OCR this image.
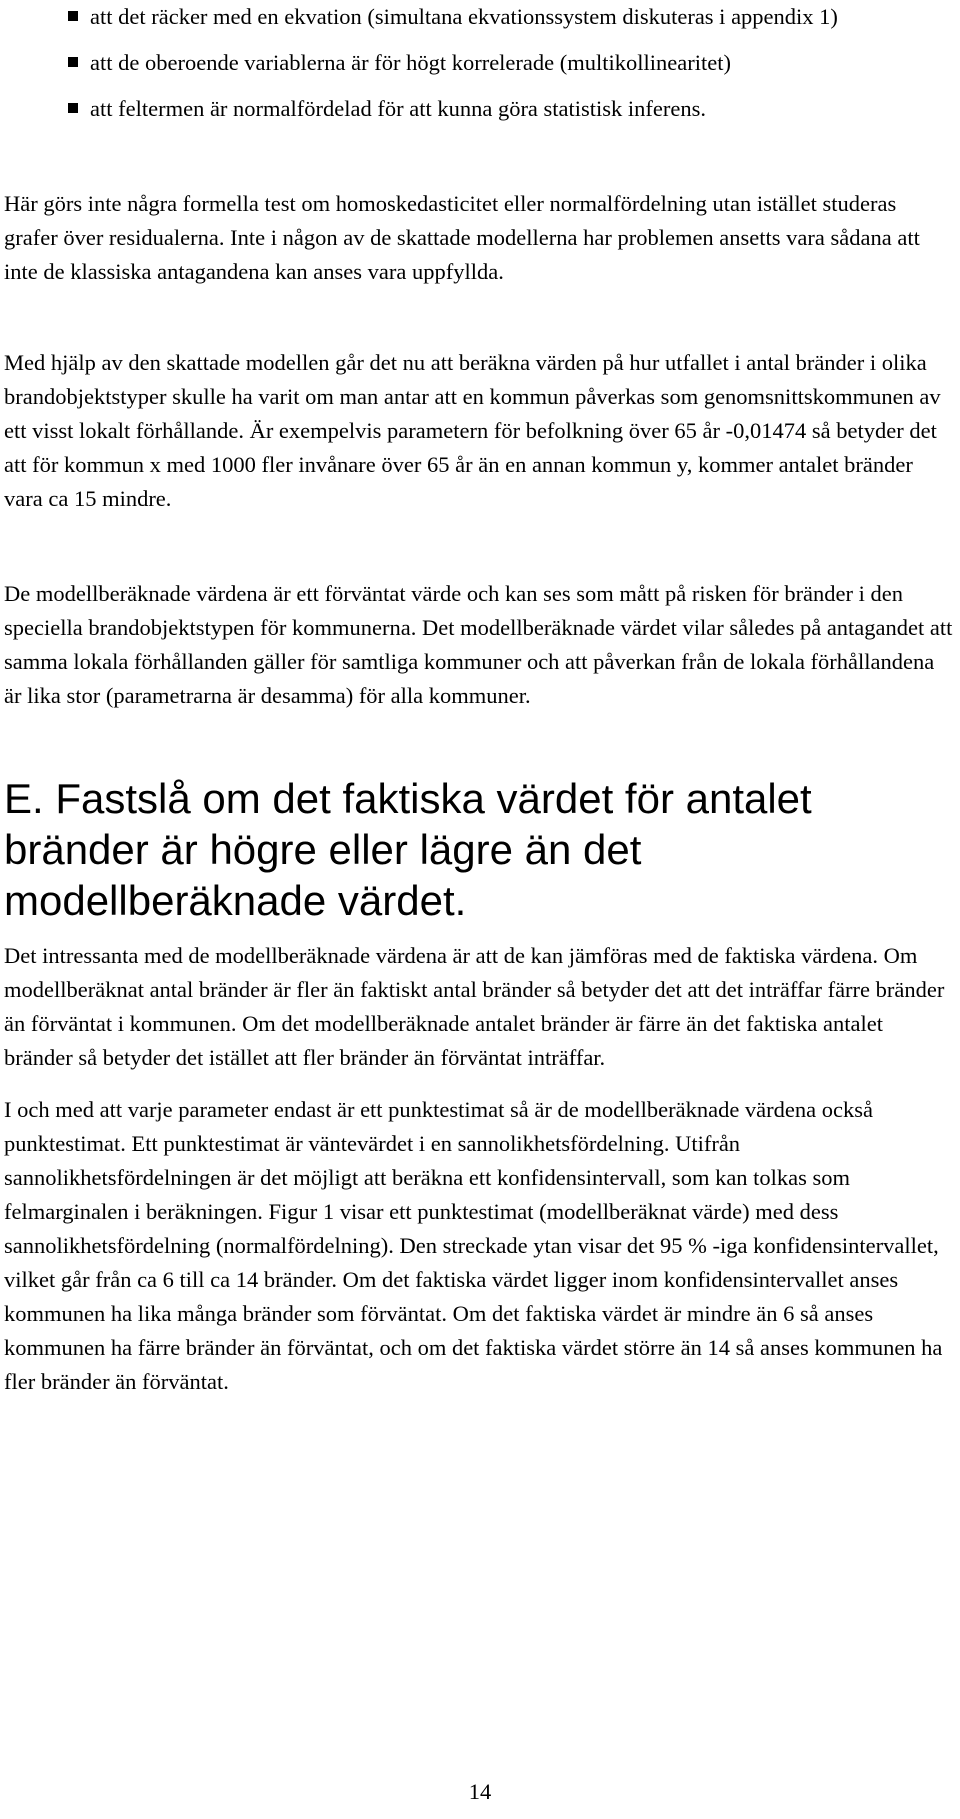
att det räcker med en ekvation (simultana ekvationssystem diskuteras i appendix 1)
att de oberoende variablerna är för högt korrelerade (multikollinearitet)
att feltermen är normalfördelad för att kunna göra statistisk inferens.

Här görs inte några formella test om homoskedasticitet eller normalfördelning utan istället studeras grafer över residualerna. Inte i någon av de skattade modellerna har problemen ansetts vara sådana att inte de klassiska antagandena kan anses vara uppfyllda.

Med hjälp av den skattade modellen går det nu att beräkna värden på hur utfallet i antal bränder i olika brandobjektstyper skulle ha varit om man antar att en kommun påverkas som genomsnittskommunen av ett visst lokalt förhållande. Är exempelvis parametern för befolkning över 65 år -0,01474 så betyder det att för kommun x med 1000 fler invånare över 65 år än en annan kommun y, kommer antalet bränder vara ca 15 mindre.

De modellberäknade värdena är ett förväntat värde och kan ses som mått på risken för bränder i den speciella brandobjektstypen för kommunerna. Det modellberäknade värdet vilar således på antagandet att samma lokala förhållanden gäller för samtliga kommuner och att påverkan från de lokala förhållandena är lika stor (parametrarna är desamma) för alla kommuner.

E. Fastslå om det faktiska värdet för antalet bränder är högre eller lägre än det modellberäknade värdet.

Det intressanta med de modellberäknade värdena är att de kan jämföras med de faktiska värdena. Om modellberäknat antal bränder är fler än faktiskt antal bränder så betyder det att det inträffar färre bränder än förväntat i kommunen. Om det modellberäknade antalet bränder är färre än det faktiska antalet bränder så betyder det istället att fler bränder än förväntat inträffar.

I och med att varje parameter endast är ett punktestimat så är de modellberäknade värdena också punktestimat. Ett punktestimat är väntevärdet i en sannolikhetsfördelning. Utifrån sannolikhetsfördelningen är det möjligt att beräkna ett konfidensintervall, som kan tolkas som felmarginalen i beräkningen. Figur 1 visar ett punktestimat (modellberäknat värde) med dess sannolikhetsfördelning (normalfördelning). Den streckade ytan visar det 95 % -iga konfidensintervallet, vilket går från ca 6 till ca 14 bränder. Om det faktiska värdet ligger inom konfidensintervallet anses kommunen ha lika många bränder som förväntat. Om det faktiska värdet är mindre än 6 så anses kommunen ha färre bränder än förväntat, och om det faktiska värdet större än 14 så anses kommunen ha fler bränder än förväntat.

14
